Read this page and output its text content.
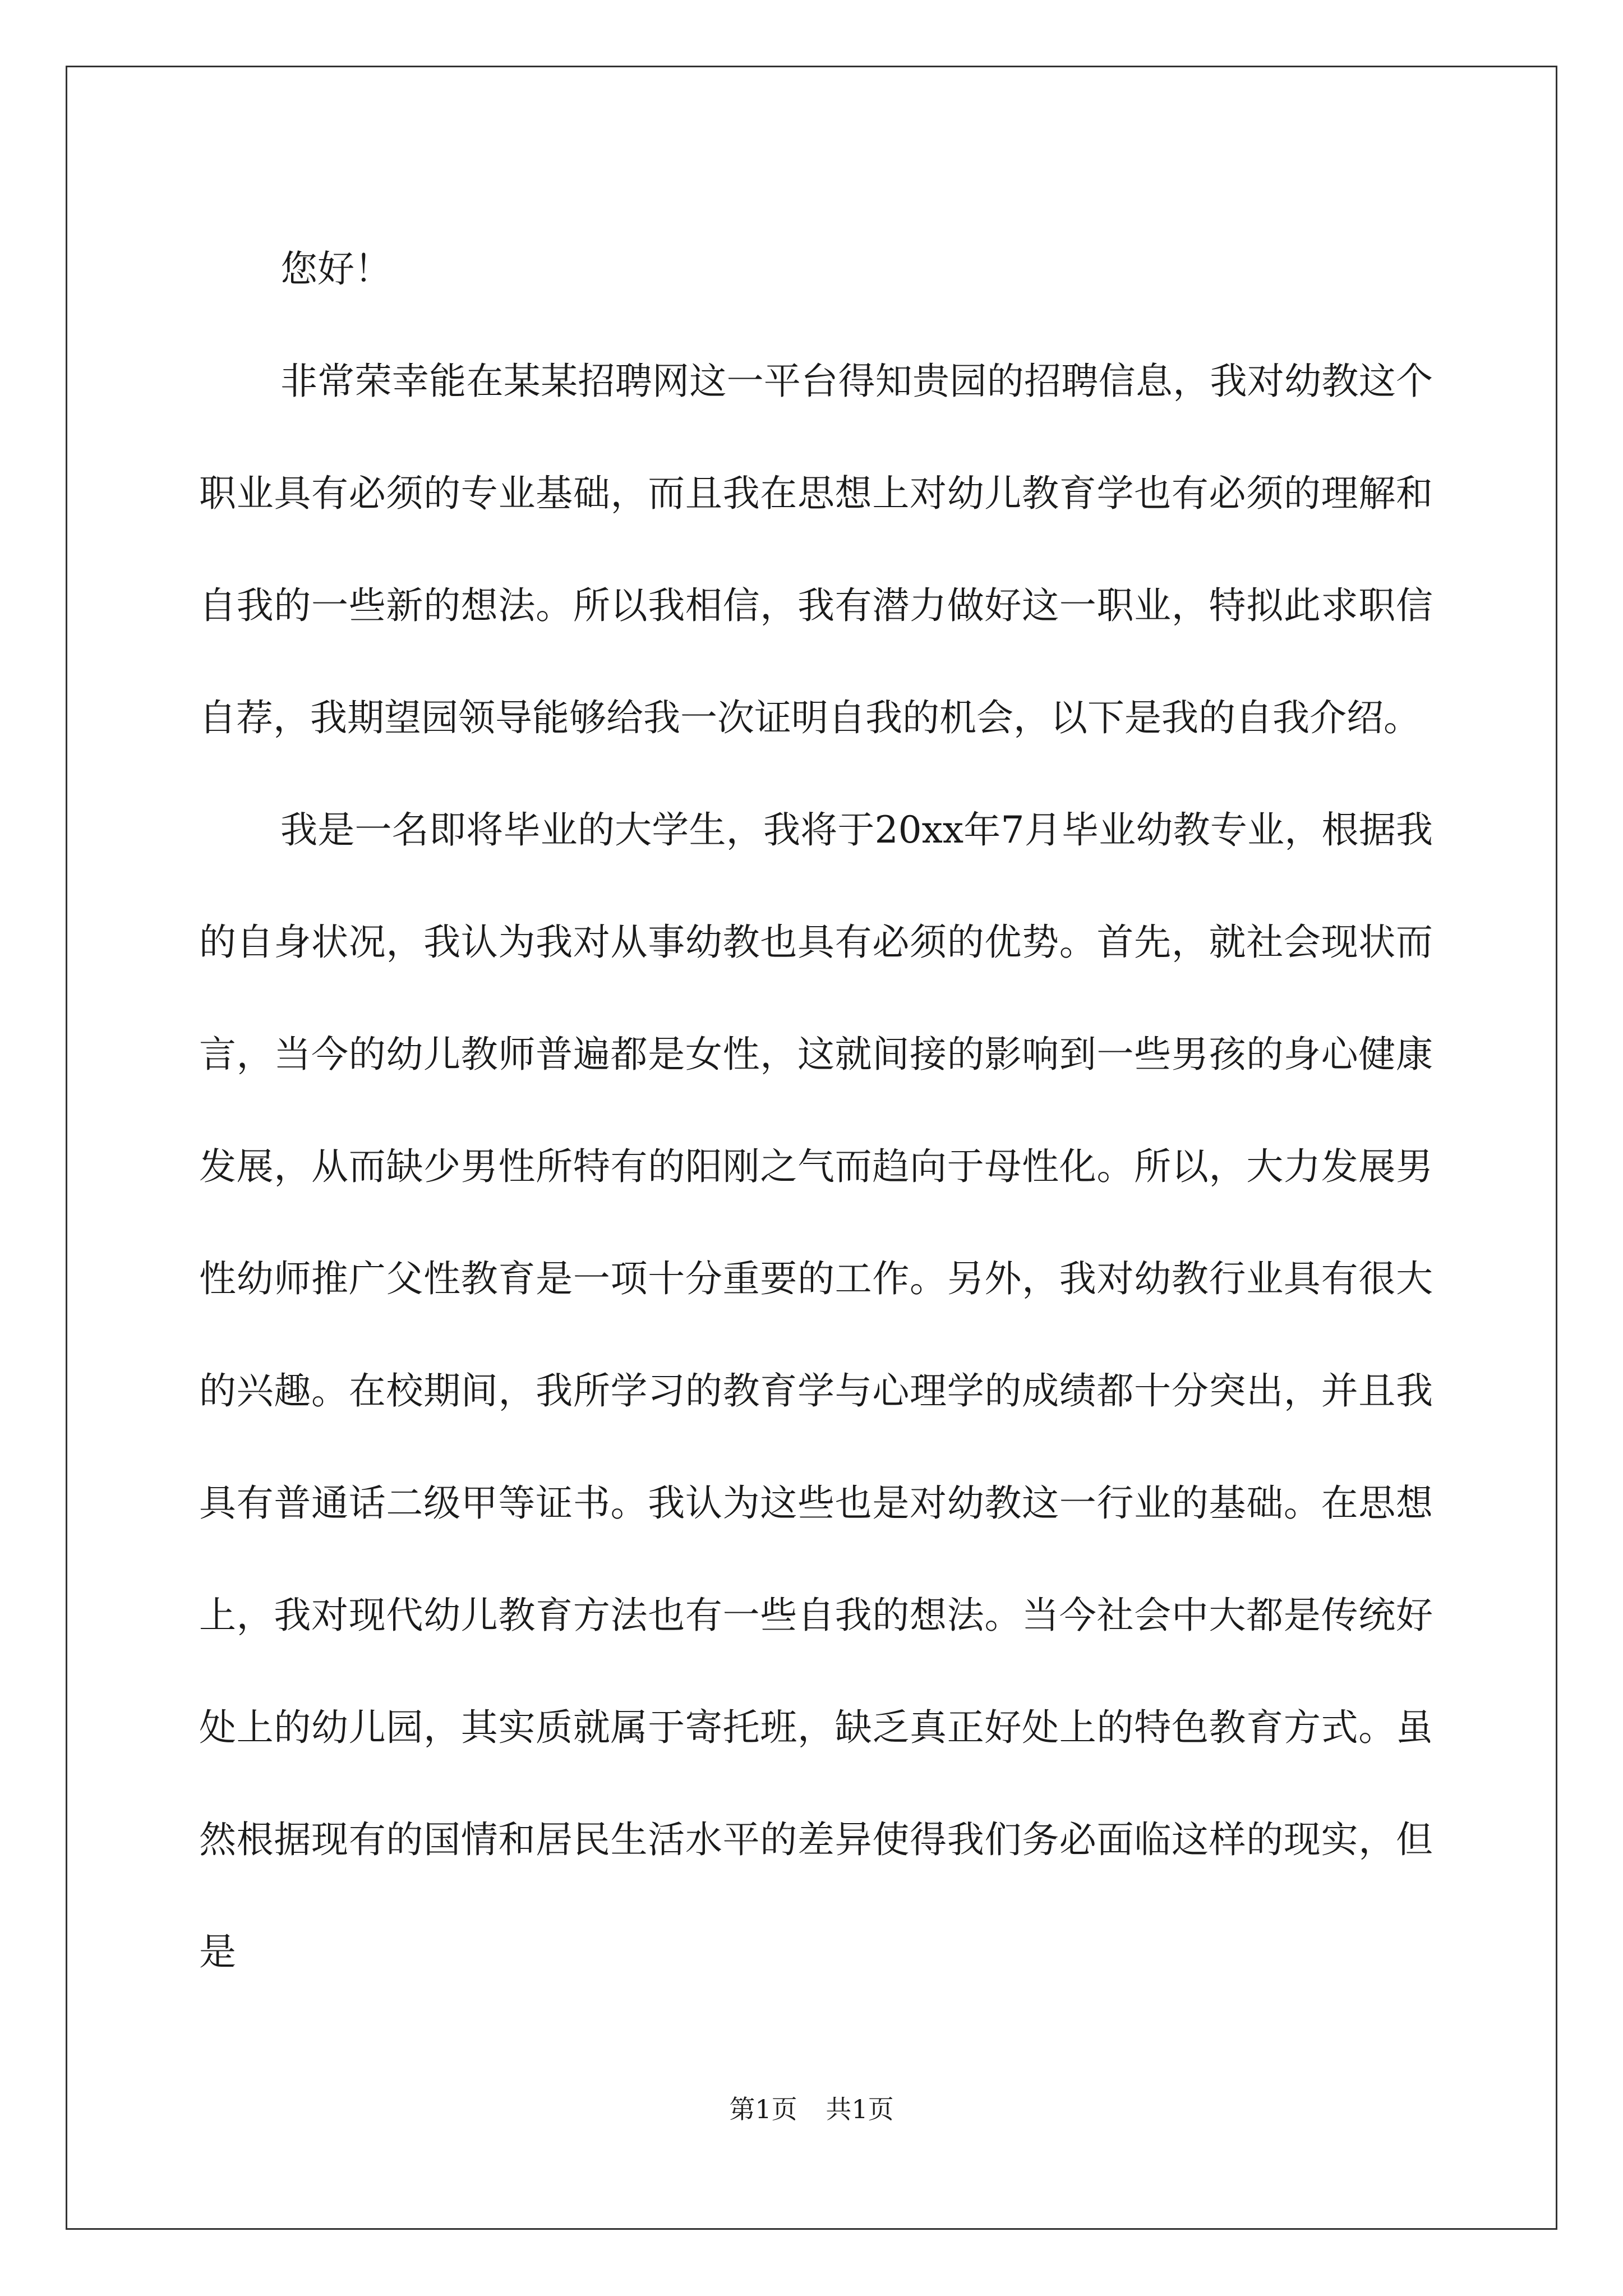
您好！

非常荣幸能在某某招聘网这一平台得知贵园的招聘信息，我对幼教这个职业具有必须的专业基础，而且我在思想上对幼儿教育学也有必须的理解和自我的一些新的想法。所以我相信，我有潜力做好这一职业，特拟此求职信自荐，我期望园领导能够给我一次证明自我的机会，以下是我的自我介绍。

我是一名即将毕业的大学生，我将于20xx年7月毕业幼教专业，根据我的自身状况，我认为我对从事幼教也具有必须的优势。首先，就社会现状而言，当今的幼儿教师普遍都是女性，这就间接的影响到一些男孩的身心健康发展，从而缺少男性所特有的阳刚之气而趋向于母性化。所以，大力发展男性幼师推广父性教育是一项十分重要的工作。另外，我对幼教行业具有很大的兴趣。在校期间，我所学习的教育学与心理学的成绩都十分突出，并且我具有普通话二级甲等证书。我认为这些也是对幼教这一行业的基础。在思想上，我对现代幼儿教育方法也有一些自我的想法。当今社会中大都是传统好处上的幼儿园，其实质就属于寄托班，缺乏真正好处上的特色教育方式。虽然根据现有的国情和居民生活水平的差异使得我们务必面临这样的现实，但是

第1页 共1页
